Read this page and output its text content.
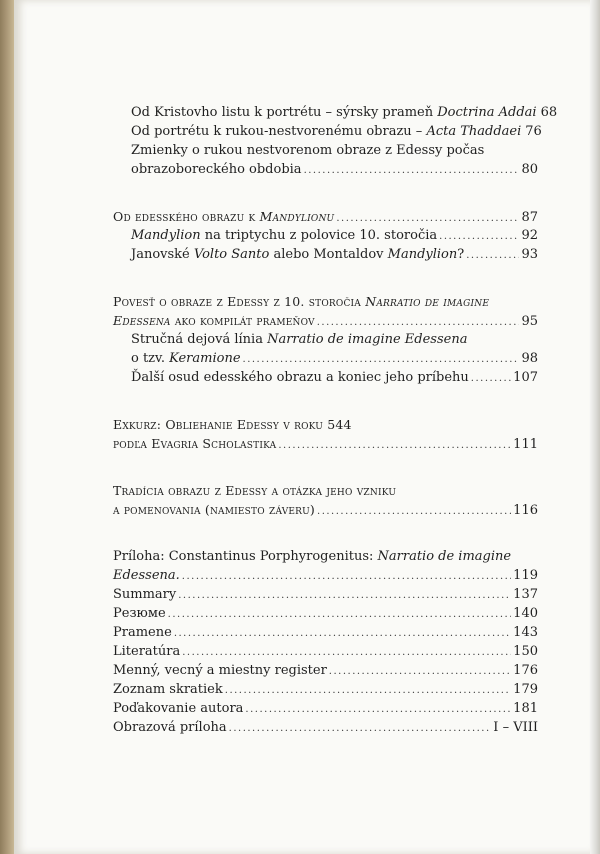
Od Kristovho listu k portrétu – sýrsky prameň Doctrina Addai 68
Od portrétu k rukou-nestvorenému obrazu – Acta Thaddaei 76
Zmienky o rukou nestvorenom obraze z Edessy počas
obrazoboreckého obdobia .....	80
Od edesského obrazu k Mandylionu .....	87
Mandylion na triptychu z polovice 10. storočia .....	92
Janovské Volto Santo alebo Montaldov Mandylion? .....	93
Povesť o obraze z Edessy z 10. storočia Narratio de imagine
Edessena ako kompilát prameňov .....	95
Stručná dejová línia Narratio de imagine Edessena
o tzv. Keramione .....	98
Ďalší osud edesského obrazu a koniec jeho príbehu .....	107
Exkurz: Obliehanie Edessy v roku 544
podľa Evagria Scholastika .....	111
Tradícia obrazu z Edessy a otázka jeho vzniku
a pomenovania (namiesto záveru) .....	116
Príloha: Constantinus Porphyrogenitus: Narratio de imagine
Edessena. .....	119
Summary .....	137
Резюме .....	140
Pramene .....	143
Literatúra .....	150
Menný, vecný a miestny register .....	176
Zoznam skratiek .....	179
Poďakovanie autora .....	181
Obrazová príloha .....	I – VIII
